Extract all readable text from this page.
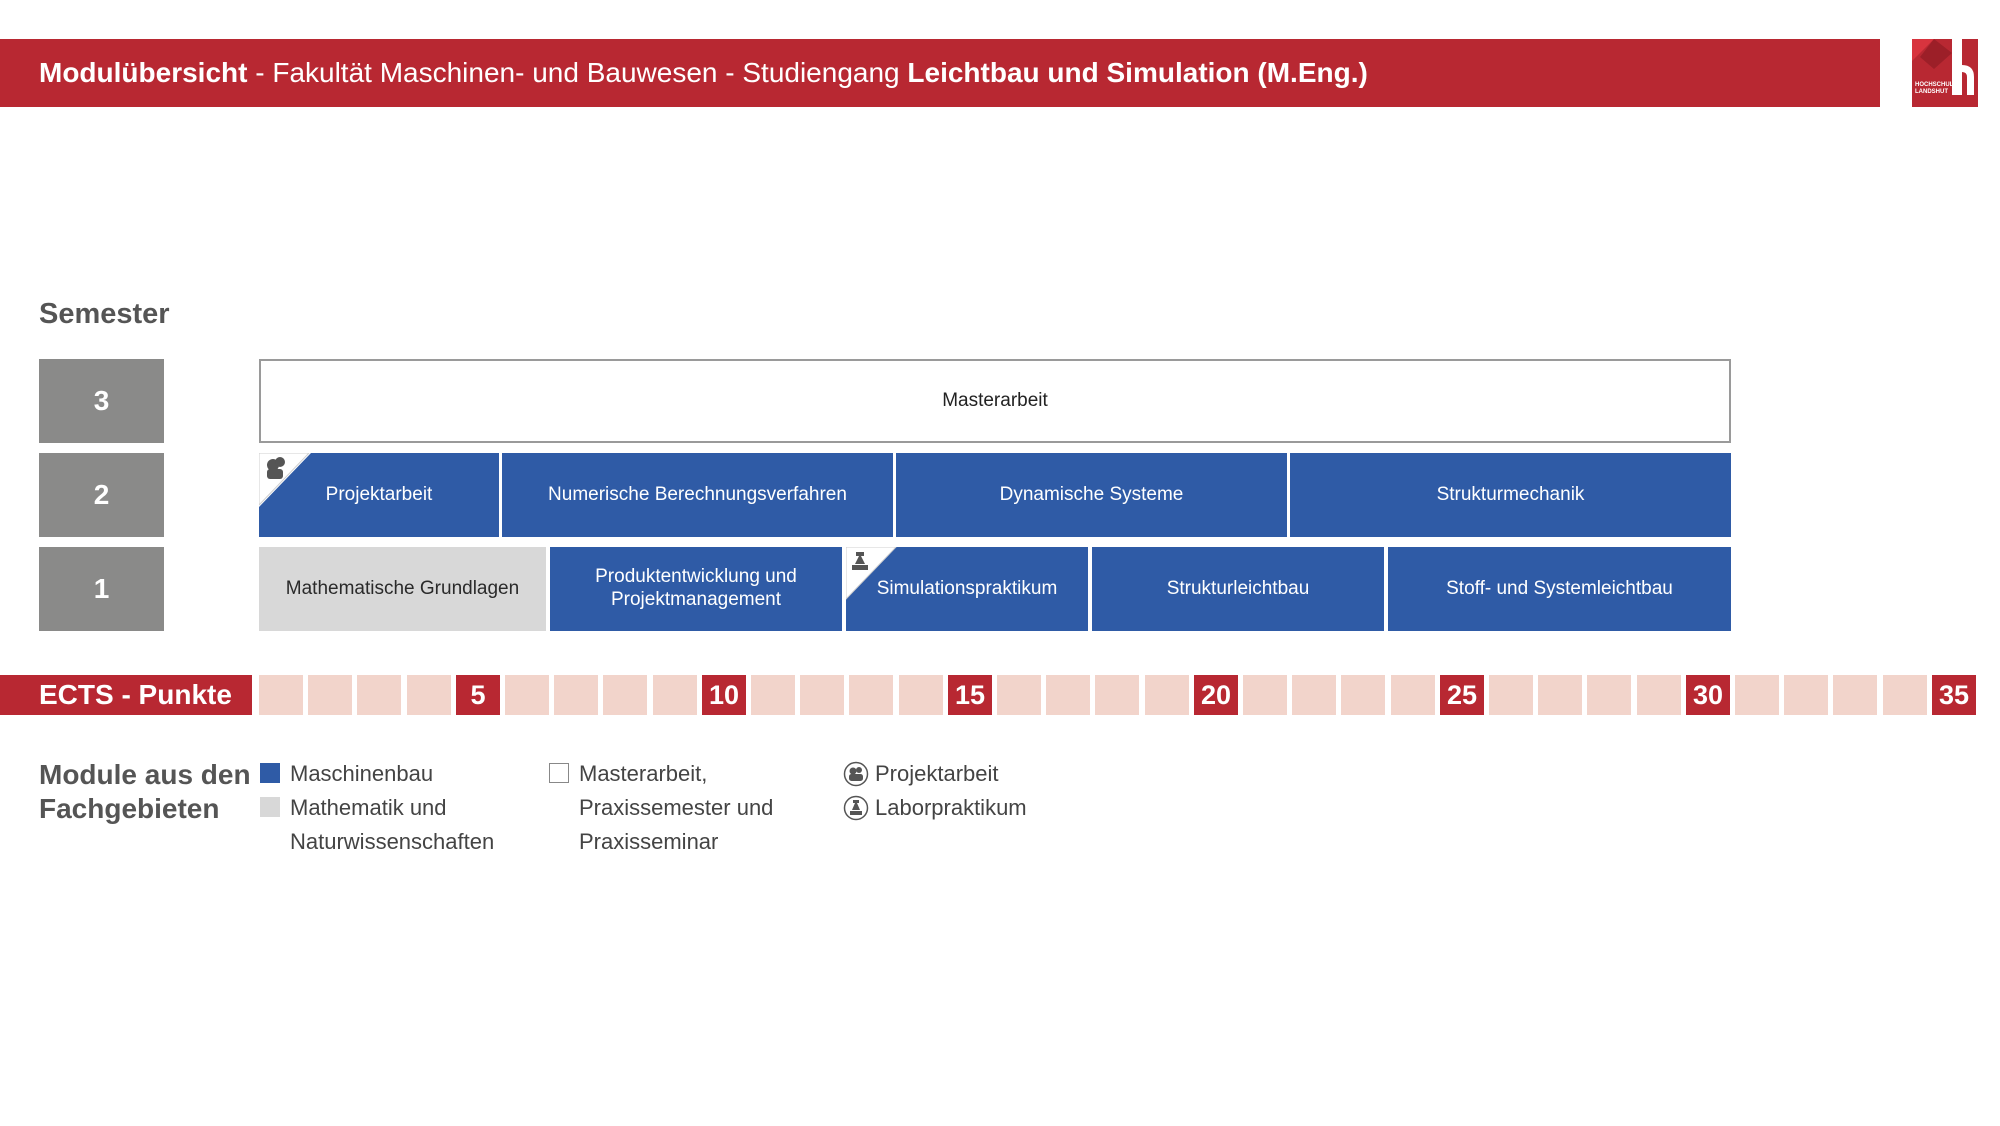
Modulübersicht - Fakultät Maschinen- und Bauwesen - Studiengang Leichtbau und Simulation (M.Eng.)	HOCHSCHULE
LANDSHUT
Semester
3
2
1
Masterarbeit
Projektarbeit	Numerische Berechnungsverfahren	Dynamische Systeme	Strukturmechanik
Mathematische Grundlagen
Produktentwicklung und Projektmanagement
Simulationspraktikum	Strukturleichtbau	Stoff- und Systemleichtbau
ECTS - Punkte	5	10	15	20	25	30	35
Module aus den
Fachgebieten
Maschinenbau
Mathematik und
Naturwissenschaften
Masterarbeit,
Praxissemester und
Praxisseminar
Projektarbeit
Laborpraktikum
